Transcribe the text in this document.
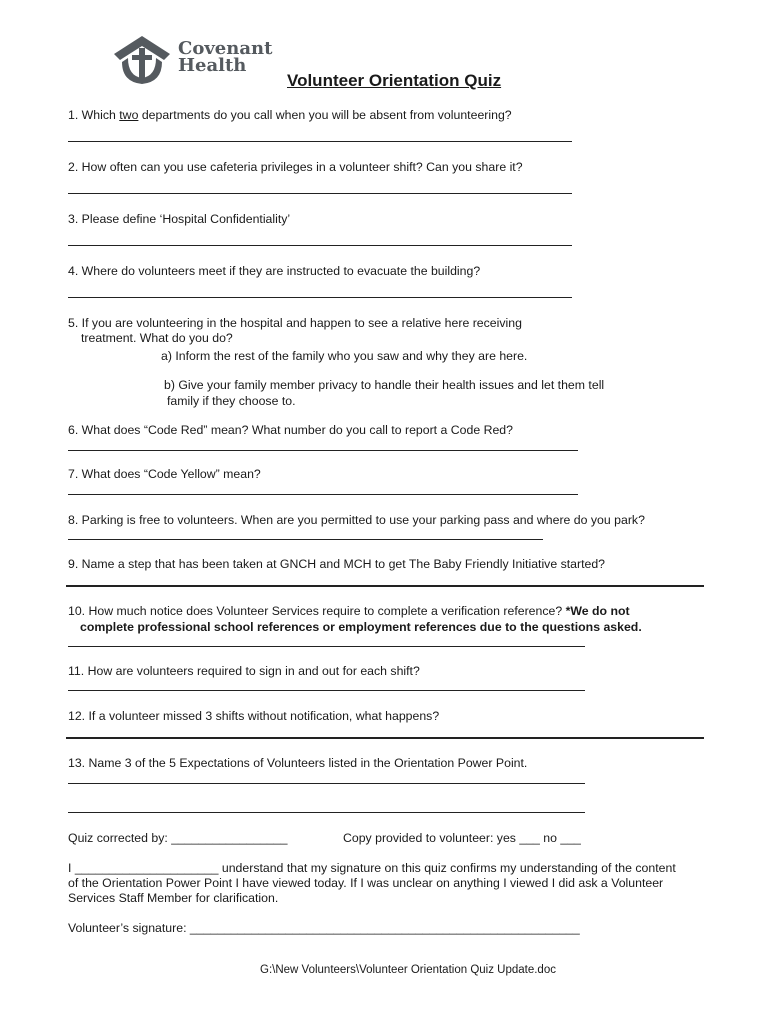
Covenant
Health
Volunteer Orientation Quiz
1. Which two departments do you call when you will be absent from volunteering?
2. How often can you use cafeteria privileges in a volunteer shift? Can you share it?
3. Please define ‘Hospital Confidentiality’
4. Where do volunteers meet if they are instructed to evacuate the building?
5. If you are volunteering in the hospital and happen to see a relative here receiving
treatment. What do you do?
a) Inform the rest of the family who you saw and why they are here.
b) Give your family member privacy to handle their health issues and let them tell
family if they choose to.
6. What does “Code Red” mean? What number do you call to report a Code Red?
7. What does “Code Yellow” mean?
8. Parking is free to volunteers. When are you permitted to use your parking pass and where do you park?
9. Name a step that has been taken at GNCH and MCH to get The Baby Friendly Initiative started?
10. How much notice does Volunteer Services require to complete a verification reference? *We do not
complete professional school references or employment references due to the questions asked.
11. How are volunteers required to sign in and out for each shift?
12. If a volunteer missed 3 shifts without notification, what happens?
13. Name 3 of the 5 Expectations of Volunteers listed in the Orientation Power Point.
Quiz corrected by: _________________	Copy provided to volunteer: yes ___ no ___
I _____________________ understand that my signature on this quiz confirms my understanding of the content
of the Orientation Power Point I have viewed today. If I was unclear on anything I viewed I did ask a Volunteer
Services Staff Member for clarification.
Volunteer’s signature: _________________________________________________________
G:\New Volunteers\Volunteer Orientation Quiz Update.doc
